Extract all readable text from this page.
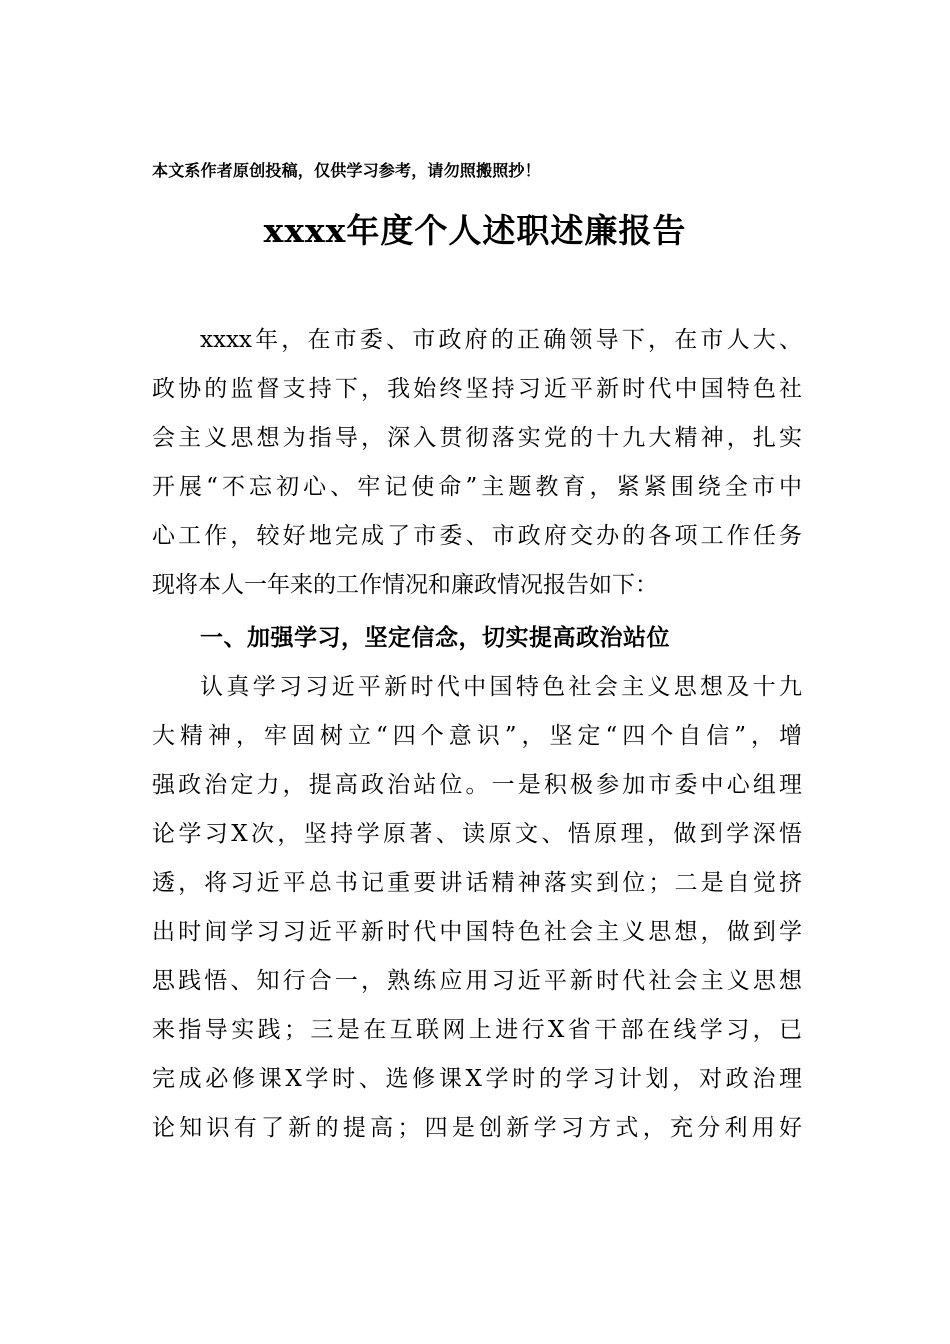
本文系作者原创投稿，仅供学习参考，请勿照搬照抄！
xxxx年度个人述职述廉报告
xxxx年，在市委、市政府的正确领导下，在市人大、
政协的监督支持下，我始终坚持习近平新时代中国特色社
会主义思想为指导，深入贯彻落实党的十九大精神，扎实
开展“不忘初心、牢记使命”主题教育，紧紧围绕全市中
心工作，较好地完成了市委、市政府交办的各项工作任务
现将本人一年来的工作情况和廉政情况报告如下：
一、加强学习，坚定信念，切实提高政治站位
认真学习习近平新时代中国特色社会主义思想及十九
大精神，牢固树立“四个意识”，坚定“四个自信”，增
强政治定力，提高政治站位。一是积极参加市委中心组理
论学习X次，坚持学原著、读原文、悟原理，做到学深悟
透，将习近平总书记重要讲话精神落实到位；二是自觉挤
出时间学习习近平新时代中国特色社会主义思想，做到学
思践悟、知行合一，熟练应用习近平新时代社会主义思想
来指导实践；三是在互联网上进行X省干部在线学习，已
完成必修课X学时、选修课X学时的学习计划，对政治理
论知识有了新的提高；四是创新学习方式，充分利用好
